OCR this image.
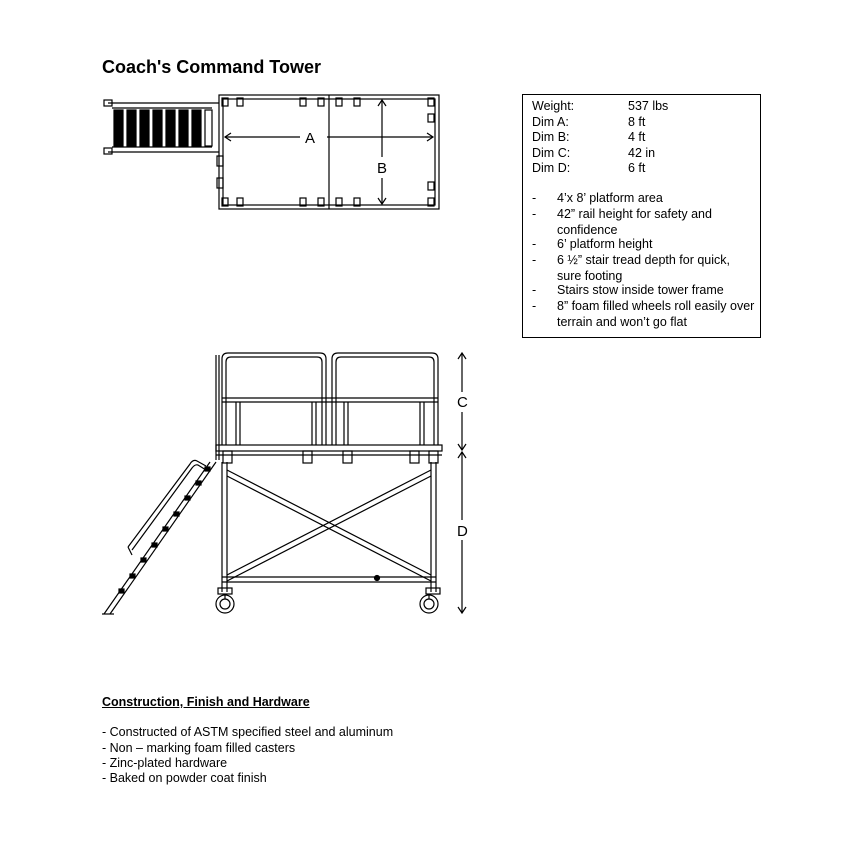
Coach's Command Tower
A
B
C
D
Weight:	537 lbs
Dim A:	8 ft
Dim B:	4 ft
Dim C:	42 in
Dim D:	6 ft
- 4’x 8’ platform area
- 42” rail height for safety and confidence
- 6’ platform height
- 6 ½” stair tread depth for quick, sure footing
- Stairs stow inside tower frame
- 8” foam filled wheels roll easily over terrain and won’t go flat
Construction, Finish and Hardware
- Constructed of ASTM specified steel and aluminum
- Non – marking foam filled casters
- Zinc-plated hardware
- Baked on powder coat finish
